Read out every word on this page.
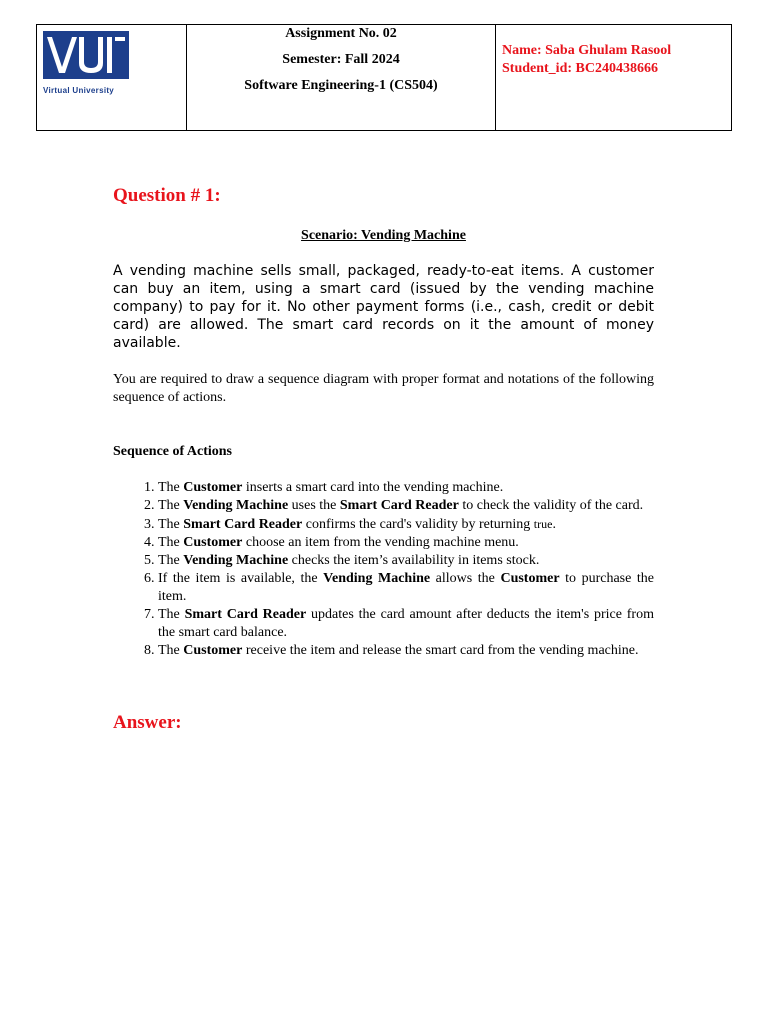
Virtual University

Assignment No. 02
Semester: Fall 2024
Software Engineering-1 (CS504)

Name: Saba Ghulam Rasool
Student_id: BC240438666
Question # 1:
Scenario: Vending Machine
A vending machine sells small, packaged, ready-to-eat items. A customer can buy an item, using a smart card (issued by the vending machine company) to pay for it. No other payment forms (i.e., cash, credit or debit card) are allowed. The smart card records on it the amount of money available.
You are required to draw a sequence diagram with proper format and notations of the following sequence of actions.
Sequence of Actions
1. The Customer inserts a smart card into the vending machine.
2. The Vending Machine uses the Smart Card Reader to check the validity of the card.
3. The Smart Card Reader confirms the card's validity by returning true.
4. The Customer choose an item from the vending machine menu.
5. The Vending Machine checks the item’s availability in items stock.
6. If the item is available, the Vending Machine allows the Customer to purchase the item.
7. The Smart Card Reader updates the card amount after deducts the item's price from the smart card balance.
8. The Customer receive the item and release the smart card from the vending machine.
Answer:
